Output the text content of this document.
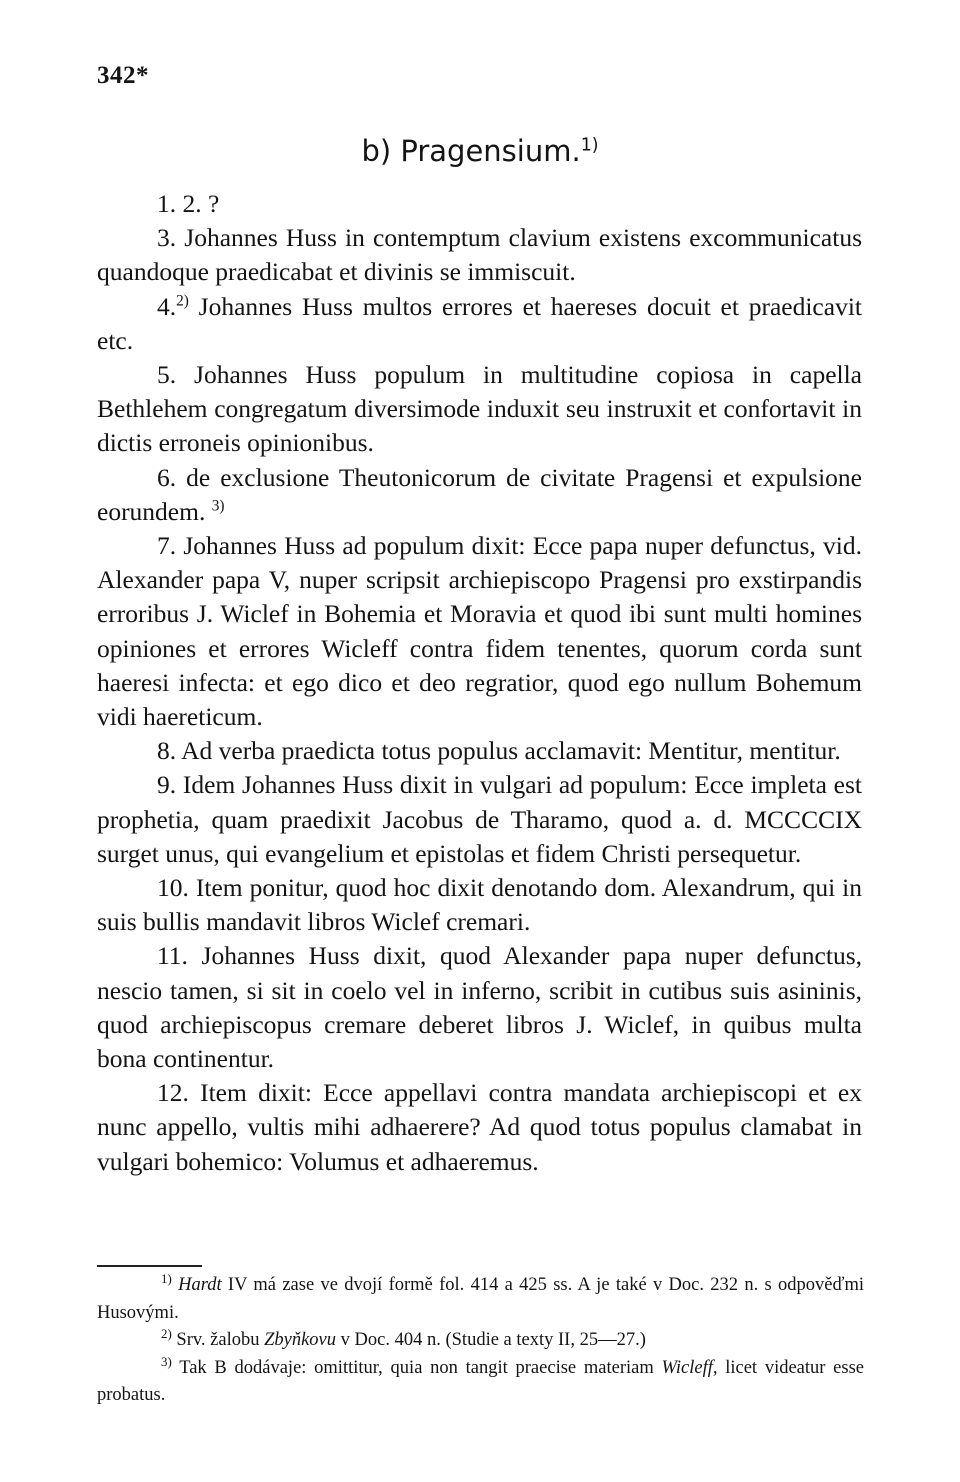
342*
b) Pragensium.$^{1)}$

1. 2. ?

3. Johannes Huss in contemptum clavium existens excommunicatus quandoque praedicabat et divinis se immiscuit.

4.$^{2)}$ Johannes Huss multos errores et haereses docuit et praedicavit etc.

5. Johannes Huss populum in multitudine copiosa in capella Bethlehem congregatum diversimode induxit seu instruxit et confortavit in dictis erroneis opinionibus.

6. de exclusione Theutonicorum de civitate Pragensi et expulsione eorundem. $^{3)}$

7. Johannes Huss ad populum dixit: Ecce papa nuper defunctus, vid. Alexander papa V, nuper scripsit archiepiscopo Pragensi pro exstirpandis erroribus J. Wiclef in Bohemia et Moravia et quod ibi sunt multi homines opiniones et errores Wicleff contra fidem tenentes, quorum corda sunt haeresi infecta: et ego dico et deo regratior, quod ego nullum Bohemum vidi haereticum.

8. Ad verba praedicta totus populus acclamavit: Mentitur, mentitur.

9. Idem Johannes Huss dixit in vulgari ad populum: Ecce impleta est prophetia, quam praedixit Jacobus de Tharamo, quod a. d. MCCCCIX surget unus, qui evangelium et epistolas et fidem Christi persequetur.

10. Item ponitur, quod hoc dixit denotando dom. Alexandrum, qui in suis bullis mandavit libros Wiclef cremari.

11. Johannes Huss dixit, quod Alexander papa nuper defunctus, nescio tamen, si sit in coelo vel in inferno, scribit in cutibus suis asininis, quod archiepiscopus cremare deberet libros J. Wiclef, in quibus multa bona continentur.

12. Item dixit: Ecce appellavi contra mandata archiepiscopi et ex nunc appello, vultis mihi adhaerere? Ad quod totus populus clamabat in vulgari bohemico: Volumus et adhaeremus.

$^{1)}$ Hardt IV má zase ve dvojí formě fol. 414 a 425 ss. A je také v Doc. 232 n. s odpověďmi Husovými.

$^{2)}$ Srv. žalobu Zbyňkovu v Doc. 404 n. (Studie a texty II, 25—27.)

$^{3)}$ Tak B dodávaje: omittitur, quia non tangit praecise materiam Wicleff, licet videatur esse probatus.
